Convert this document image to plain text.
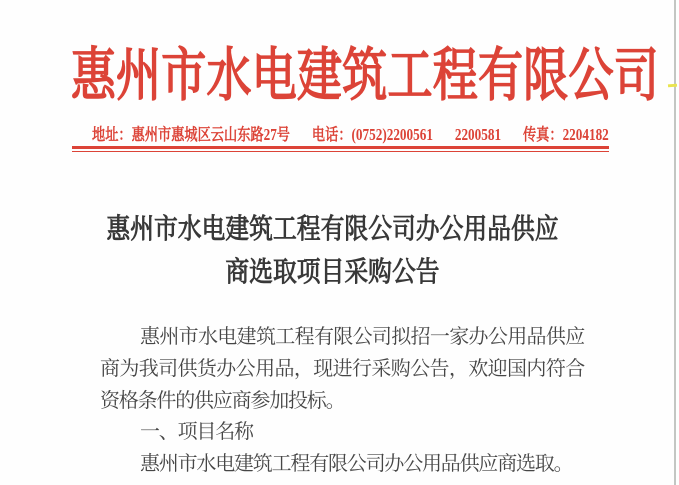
惠州市水电建筑工程有限公司
地址：惠州市惠城区云山东路27号 电话：(0752)2200561 2200581 传真：2204182
惠州市水电建筑工程有限公司办公用品供应
商选取项目采购公告

惠州市水电建筑工程有限公司拟招一家办公用品供应商为我司供货办公用品，现进行采购公告，欢迎国内符合资格条件的供应商参加投标。

一、项目名称

惠州市水电建筑工程有限公司办公用品供应商选取。
